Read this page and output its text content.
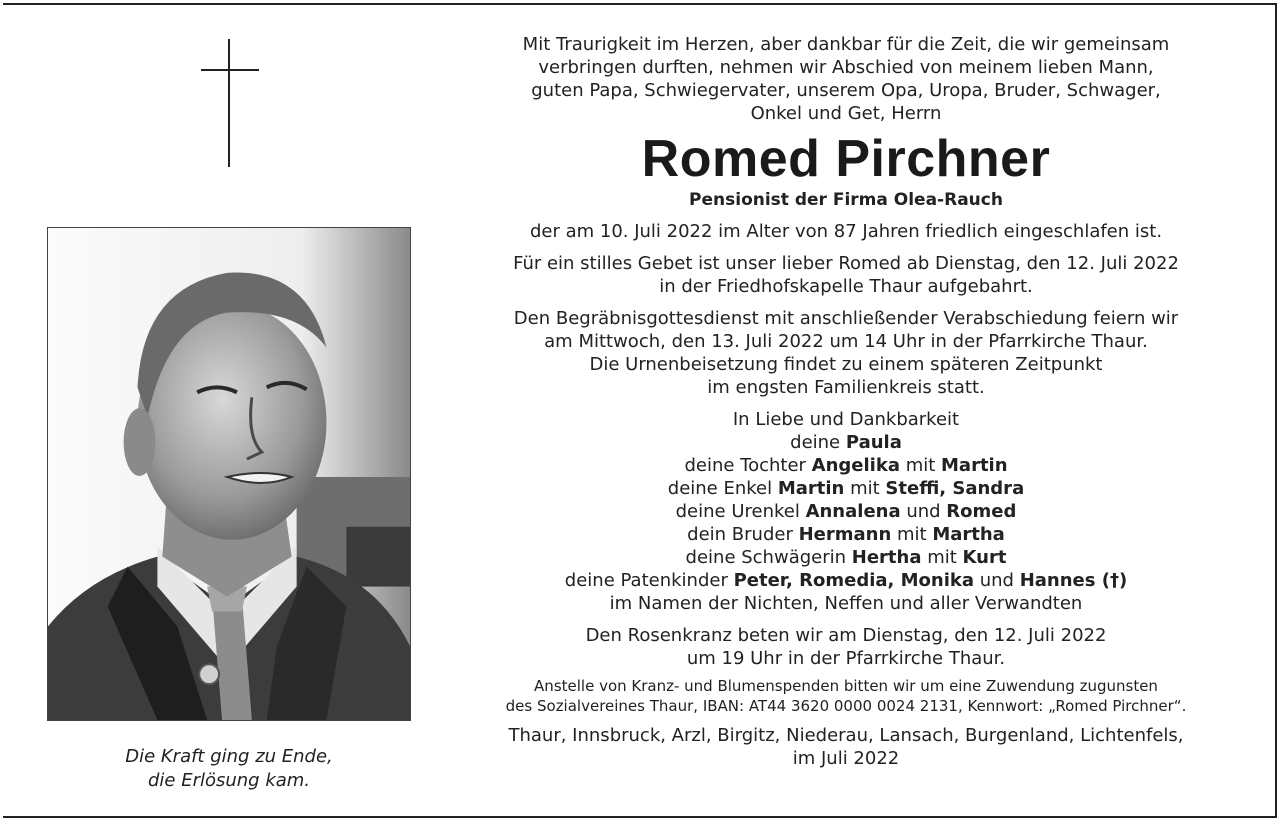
Die Kraft ging zu Ende,
die Erlösung kam.

Mit Traurigkeit im Herzen, aber dankbar für die Zeit, die wir gemeinsam

verbringen durften, nehmen wir Abschied von meinem lieben Mann,

guten Papa, Schwiegervater, unserem Opa, Uropa, Bruder, Schwager,

Onkel und Get, Herrn

Romed Pirchner

Pensionist der Firma Olea-Rauch

der am 10. Juli 2022 im Alter von 87 Jahren friedlich eingeschlafen ist.

Für ein stilles Gebet ist unser lieber Romed ab Dienstag, den 12. Juli 2022

in der Friedhofskapelle Thaur aufgebahrt.

Den Begräbnisgottesdienst mit anschließender Verabschiedung feiern wir

am Mittwoch, den 13. Juli 2022 um 14 Uhr in der Pfarrkirche Thaur.

Die Urnenbeisetzung findet zu einem späteren Zeitpunkt

im engsten Familienkreis statt.

In Liebe und Dankbarkeit

deine Paula

deine Tochter Angelika mit Martin

deine Enkel Martin mit Steffi, Sandra

deine Urenkel Annalena und Romed

dein Bruder Hermann mit Martha

deine Schwägerin Hertha mit Kurt

deine Patenkinder Peter, Romedia, Monika und Hannes (†)

im Namen der Nichten, Neffen und aller Verwandten

Den Rosenkranz beten wir am Dienstag, den 12. Juli 2022

um 19 Uhr in der Pfarrkirche Thaur.

Anstelle von Kranz- und Blumenspenden bitten wir um eine Zuwendung zugunsten

des Sozialvereines Thaur, IBAN: AT44 3620 0000 0024 2131, Kennwort: „Romed Pirchner“.

Thaur, Innsbruck, Arzl, Birgitz, Niederau, Lansach, Burgenland, Lichtenfels,

im Juli 2022
